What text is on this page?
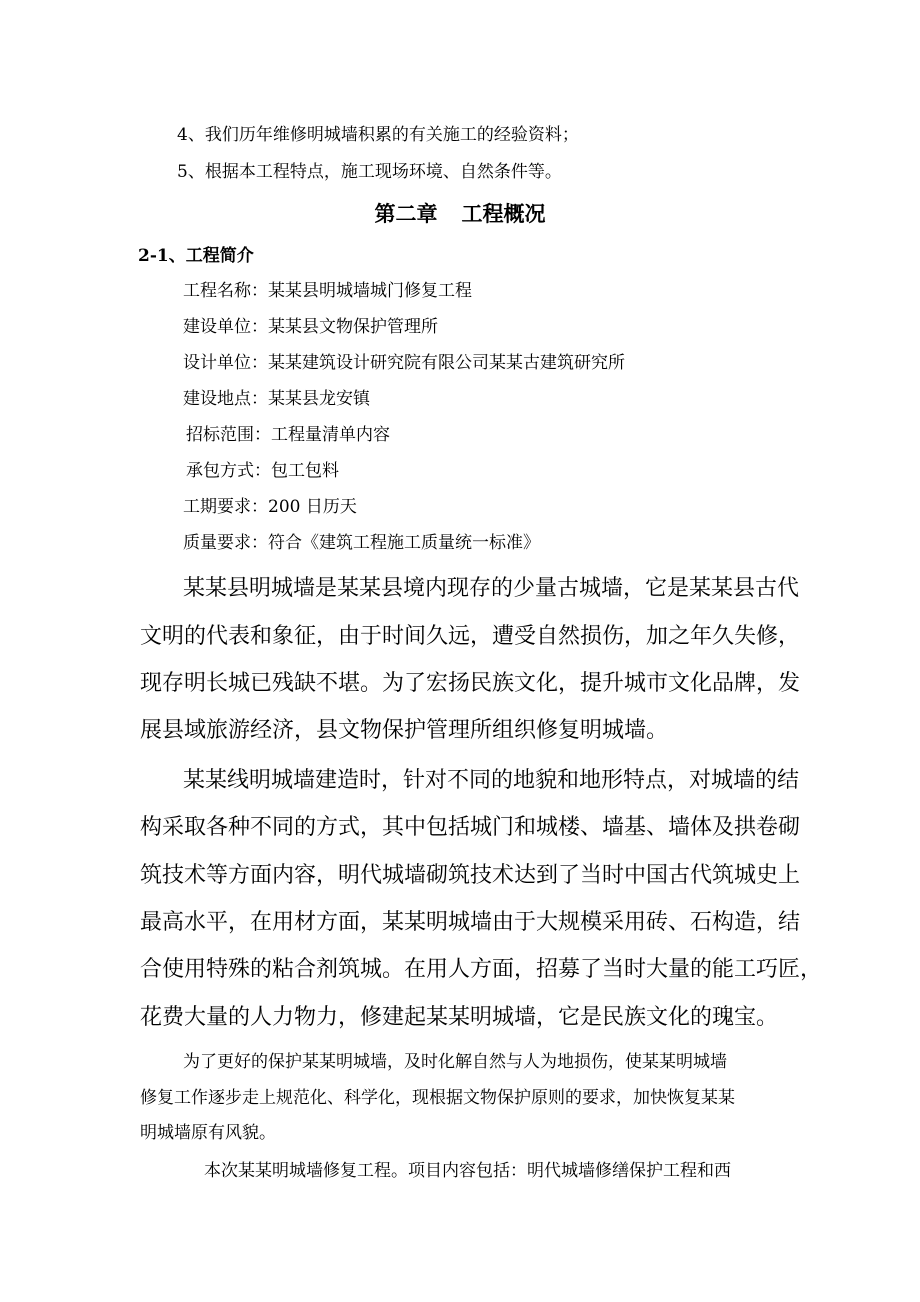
4、我们历年维修明城墙积累的有关施工的经验资料；

5、根据本工程特点，施工现场环境、自然条件等。

第二章 工程概况

2-1、工程简介

工程名称：某某县明城墙城门修复工程

建设单位：某某县文物保护管理所

设计单位：某某建筑设计研究院有限公司某某古建筑研究所

建设地点：某某县龙安镇

招标范围：工程量清单内容

承包方式：包工包料

工期要求：200 日历天

质量要求：符合《建筑工程施工质量统一标准》

某某县明城墙是某某县境内现存的少量古城墙，它是某某县古代

文明的代表和象征，由于时间久远，遭受自然损伤，加之年久失修，

现存明长城已残缺不堪。为了宏扬民族文化，提升城市文化品牌，发

展县域旅游经济，县文物保护管理所组织修复明城墙。

某某线明城墙建造时，针对不同的地貌和地形特点，对城墙的结

构采取各种不同的方式，其中包括城门和城楼、墙基、墙体及拱卷砌

筑技术等方面内容，明代城墙砌筑技术达到了当时中国古代筑城史上

最高水平，在用材方面，某某明城墙由于大规模采用砖、石构造，结

合使用特殊的粘合剂筑城。在用人方面，招募了当时大量的能工巧匠，

花费大量的人力物力，修建起某某明城墙，它是民族文化的瑰宝。

为了更好的保护某某明城墙，及时化解自然与人为地损伤，使某某明城墙

修复工作逐步走上规范化、科学化，现根据文物保护原则的要求，加快恢复某某

明城墙原有风貌。

本次某某明城墙修复工程。项目内容包括：明代城墙修缮保护工程和西
